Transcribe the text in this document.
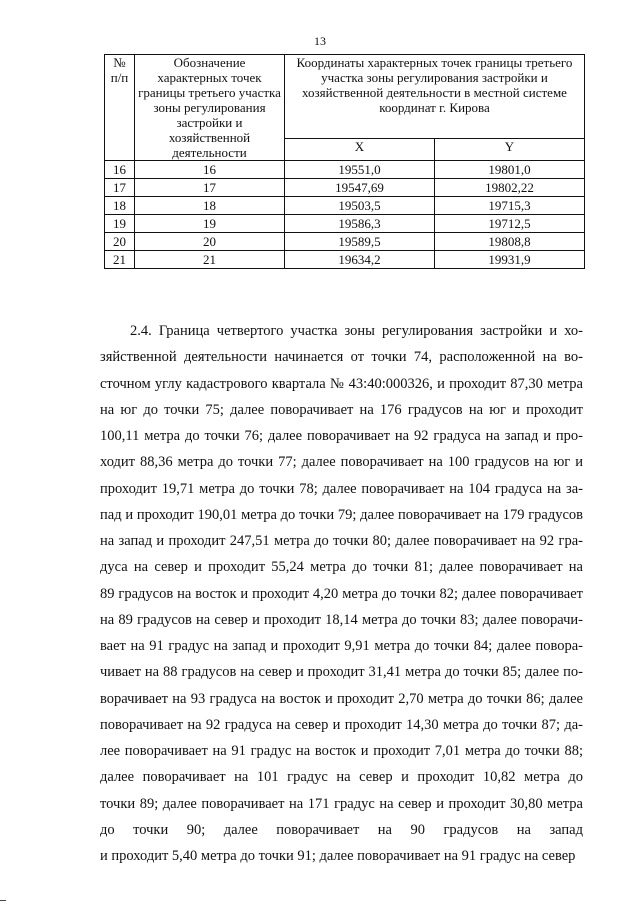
13
№ п/п	Обозначение характерных точек границы третьего участка зоны регулирования застройки и хозяйственной деятельности	Координаты характерных точек границы третьего участка зоны регулирования застройки и хозяйственной деятельности в местной системе координат г. Кирова	
		X	Y
16	16	19551,0	19801,0
17	17	19547,69	19802,22
18	18	19503,5	19715,3
19	19	19586,3	19712,5
20	20	19589,5	19808,8
21	21	19634,2	19931,9
2.4. Граница четвертого участка зоны регулирования застройки и хо-
зяйственной деятельности начинается от точки 74, расположенной на во-
сточном углу кадастрового квартала № 43:40:000326, и проходит 87,30 метра
на юг до точки 75; далее поворачивает на 176 градусов на юг и проходит
100,11 метра до точки 76; далее поворачивает на 92 градуса на запад и про-
ходит 88,36 метра до точки 77; далее поворачивает на 100 градусов на юг и
проходит 19,71 метра до точки 78; далее поворачивает на 104 градуса на за-
пад и проходит 190,01 метра до точки 79; далее поворачивает на 179 градусов
на запад и проходит 247,51 метра до точки 80; далее поворачивает на 92 гра-
дуса на север и проходит 55,24 метра до точки 81; далее поворачивает на
89 градусов на восток и проходит 4,20 метра до точки 82; далее поворачивает
на 89 градусов на север и проходит 18,14 метра до точки 83; далее поворачи-
вает на 91 градус на запад и проходит 9,91 метра до точки 84; далее повора-
чивает на 88 градусов на север и проходит 31,41 метра до точки 85; далее по-
ворачивает на 93 градуса на восток и проходит 2,70 метра до точки 86; далее
поворачивает на 92 градуса на север и проходит 14,30 метра до точки 87; да-
лее поворачивает на 91 градус на восток и проходит 7,01 метра до точки 88;
далее поворачивает на 101 градус на север и проходит 10,82 метра до
точки 89; далее поворачивает на 171 градус на север и проходит 30,80 метра
до точки 90; далее поворачивает на 90 градусов на запад
и проходит 5,40 метра до точки 91; далее поворачивает на 91 градус на север
